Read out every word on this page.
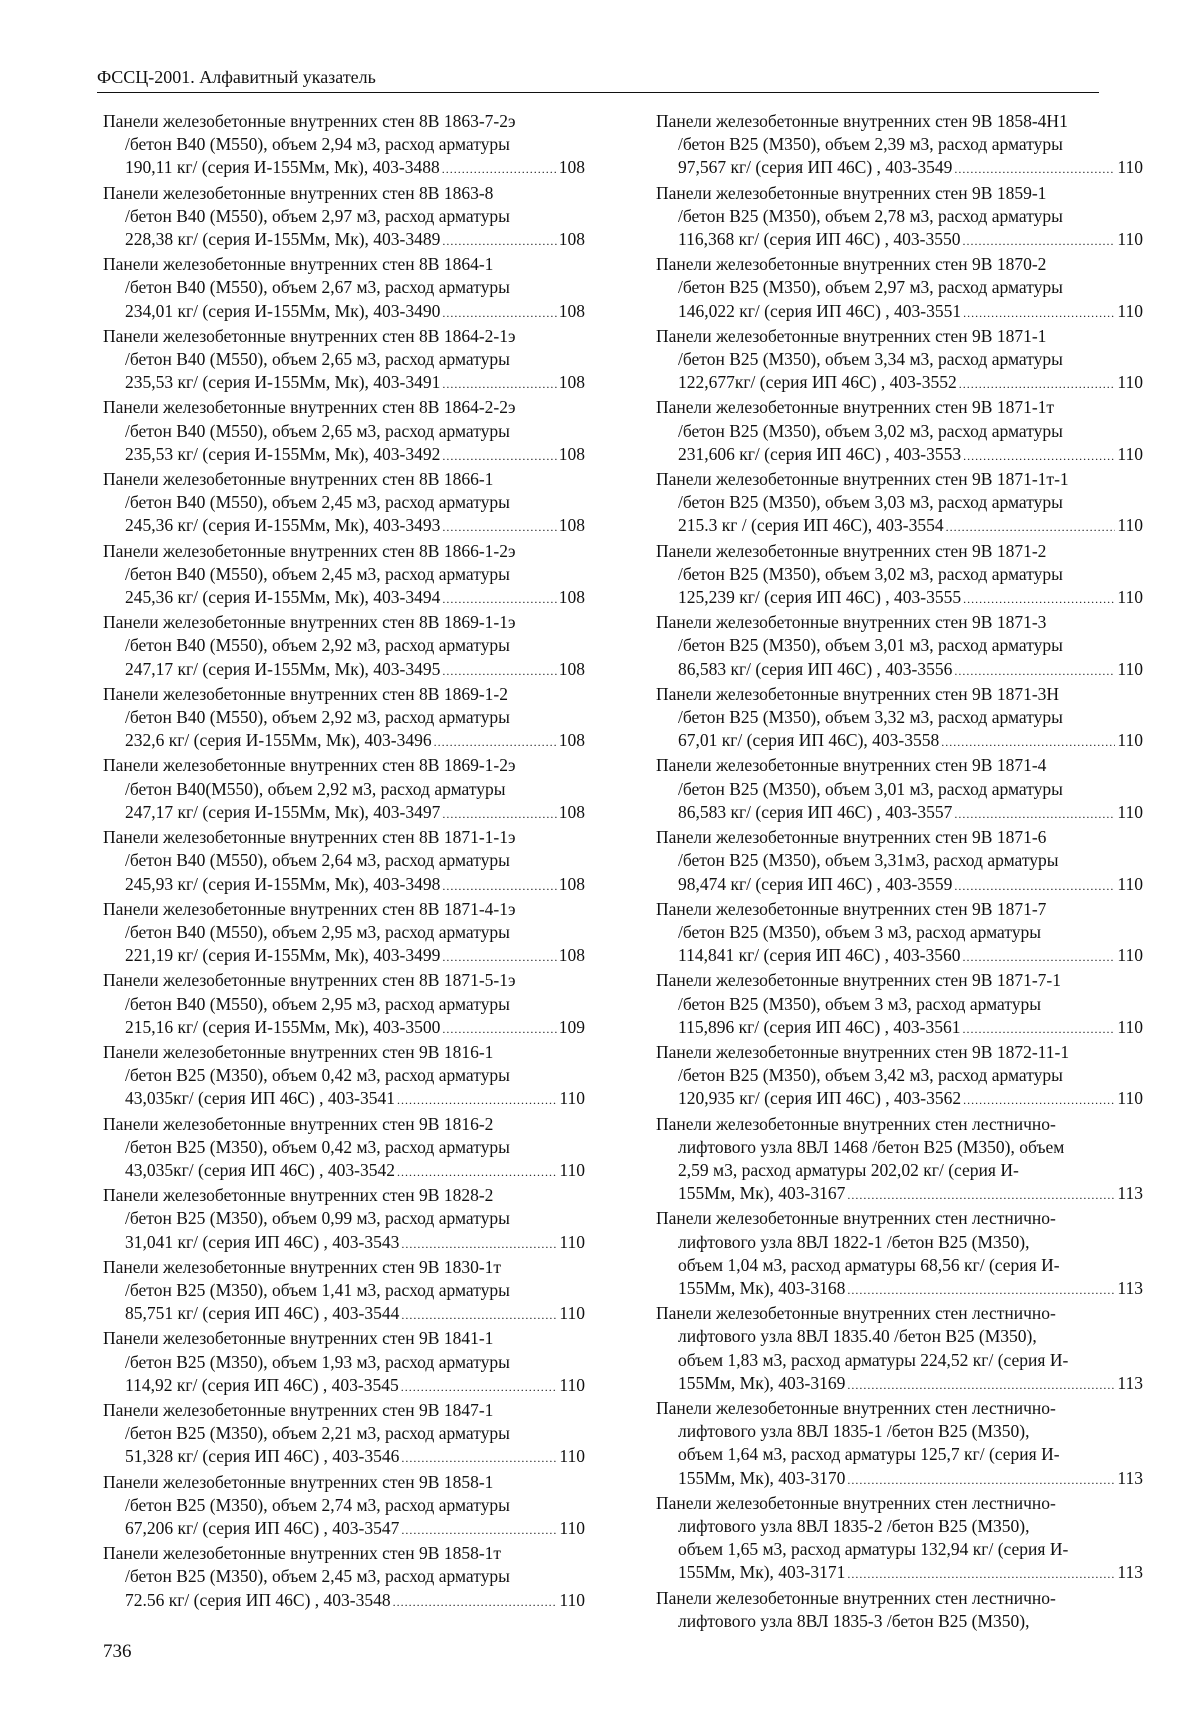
ФССЦ-2001. Алфавитный указатель
Панели железобетонные внутренних стен 8В 1863-7-2э
/бетон В40 (М550), объем 2,94 м3, расход арматуры
190,11 кг/ (серия И-155Мм, Мк), 403-3488 .....	108
Панели железобетонные внутренних стен 8В 1863-8
/бетон В40 (М550), объем 2,97 м3, расход арматуры
228,38 кг/ (серия И-155Мм, Мк), 403-3489 .....	108
Панели железобетонные внутренних стен 8В 1864-1
/бетон В40 (М550), объем 2,67 м3, расход арматуры
234,01 кг/ (серия И-155Мм, Мк), 403-3490 .....	108
Панели железобетонные внутренних стен 8В 1864-2-1э
/бетон В40 (М550), объем 2,65 м3, расход арматуры
235,53 кг/ (серия И-155Мм, Мк), 403-3491 .....	108
Панели железобетонные внутренних стен 8В 1864-2-2э
/бетон В40 (М550), объем 2,65 м3, расход арматуры
235,53 кг/ (серия И-155Мм, Мк), 403-3492 .....	108
Панели железобетонные внутренних стен 8В 1866-1
/бетон В40 (М550), объем 2,45 м3, расход арматуры
245,36 кг/ (серия И-155Мм, Мк), 403-3493 .....	108
Панели железобетонные внутренних стен 8В 1866-1-2э
/бетон В40 (М550), объем 2,45 м3, расход арматуры
245,36 кг/ (серия И-155Мм, Мк), 403-3494 .....	108
Панели железобетонные внутренних стен 8В 1869-1-1э
/бетон В40 (М550), объем 2,92 м3, расход арматуры
247,17 кг/ (серия И-155Мм, Мк), 403-3495 .....	108
Панели железобетонные внутренних стен 8В 1869-1-2
/бетон В40 (М550), объем 2,92 м3, расход арматуры
232,6 кг/ (серия И-155Мм, Мк), 403-3496 .....	108
Панели железобетонные внутренних стен 8В 1869-1-2э
/бетон В40(М550), объем 2,92 м3, расход арматуры
247,17 кг/ (серия И-155Мм, Мк), 403-3497 .....	108
Панели железобетонные внутренних стен 8В 1871-1-1э
/бетон В40 (М550), объем 2,64 м3, расход арматуры
245,93 кг/ (серия И-155Мм, Мк), 403-3498 .....	108
Панели железобетонные внутренних стен 8В 1871-4-1э
/бетон В40 (М550), объем 2,95 м3, расход арматуры
221,19 кг/ (серия И-155Мм, Мк), 403-3499 .....	108
Панели железобетонные внутренних стен 8В 1871-5-1э
/бетон В40 (М550), объем 2,95 м3, расход арматуры
215,16 кг/ (серия И-155Мм, Мк), 403-3500 .....	109
Панели железобетонные внутренних стен 9В 1816-1
/бетон В25 (М350), объем 0,42 м3, расход арматуры
43,035кг/ (серия ИП 46С) , 403-3541 .....	110
Панели железобетонные внутренних стен 9В 1816-2
/бетон В25 (М350), объем 0,42 м3, расход арматуры
43,035кг/ (серия ИП 46С) , 403-3542 .....	110
Панели железобетонные внутренних стен 9В 1828-2
/бетон В25 (М350), объем 0,99 м3, расход арматуры
31,041 кг/ (серия ИП 46С) , 403-3543 .....	110
Панели железобетонные внутренних стен 9В 1830-1т
/бетон В25 (М350), объем 1,41 м3, расход арматуры
85,751 кг/ (серия ИП 46С) , 403-3544 .....	110
Панели железобетонные внутренних стен 9В 1841-1
/бетон В25 (М350), объем 1,93 м3, расход арматуры
114,92 кг/ (серия ИП 46С) , 403-3545 .....	110
Панели железобетонные внутренних стен 9В 1847-1
/бетон В25 (М350), объем 2,21 м3, расход арматуры
51,328 кг/ (серия ИП 46С) , 403-3546 .....	110
Панели железобетонные внутренних стен 9В 1858-1
/бетон В25 (М350), объем 2,74 м3, расход арматуры
67,206 кг/ (серия ИП 46С) , 403-3547 .....	110
Панели железобетонные внутренних стен 9В 1858-1т
/бетон В25 (М350), объем 2,45 м3, расход арматуры
72.56 кг/ (серия ИП 46С) , 403-3548 .....	110
Панели железобетонные внутренних стен 9В 1858-4Н1
/бетон В25 (М350), объем 2,39 м3, расход арматуры
97,567 кг/ (серия ИП 46С) , 403-3549 .....	110
Панели железобетонные внутренних стен 9В 1859-1
/бетон В25 (М350), объем 2,78 м3, расход арматуры
116,368 кг/ (серия ИП 46С) , 403-3550 .....	110
Панели железобетонные внутренних стен 9В 1870-2
/бетон В25 (М350), объем 2,97 м3, расход арматуры
146,022 кг/ (серия ИП 46С) , 403-3551 .....	110
Панели железобетонные внутренних стен 9В 1871-1
/бетон В25 (М350), объем 3,34 м3, расход арматуры
122,677кг/ (серия ИП 46С) , 403-3552 .....	110
Панели железобетонные внутренних стен 9В 1871-1т
/бетон В25 (М350), объем 3,02 м3, расход арматуры
231,606 кг/ (серия ИП 46С) , 403-3553 .....	110
Панели железобетонные внутренних стен 9В 1871-1т-1
/бетон В25 (М350), объем 3,03 м3, расход арматуры
215.3 кг / (серия ИП 46С), 403-3554 .....	110
Панели железобетонные внутренних стен 9В 1871-2
/бетон В25 (М350), объем 3,02 м3, расход арматуры
125,239 кг/ (серия ИП 46С) , 403-3555 .....	110
Панели железобетонные внутренних стен 9В 1871-3
/бетон В25 (М350), объем 3,01 м3, расход арматуры
86,583 кг/ (серия ИП 46С) , 403-3556 .....	110
Панели железобетонные внутренних стен 9В 1871-3Н
/бетон В25 (М350), объем 3,32 м3, расход арматуры
67,01 кг/ (серия ИП 46С), 403-3558 .....	110
Панели железобетонные внутренних стен 9В 1871-4
/бетон В25 (М350), объем 3,01 м3, расход арматуры
86,583 кг/ (серия ИП 46С) , 403-3557 .....	110
Панели железобетонные внутренних стен 9В 1871-6
/бетон В25 (М350), объем 3,31м3, расход арматуры
98,474 кг/ (серия ИП 46С) , 403-3559 .....	110
Панели железобетонные внутренних стен 9В 1871-7
/бетон В25 (М350), объем 3 м3, расход арматуры
114,841 кг/ (серия ИП 46С) , 403-3560 .....	110
Панели железобетонные внутренних стен 9В 1871-7-1
/бетон В25 (М350), объем 3 м3, расход арматуры
115,896 кг/ (серия ИП 46С) , 403-3561 .....	110
Панели железобетонные внутренних стен 9В 1872-11-1
/бетон В25 (М350), объем 3,42 м3, расход арматуры
120,935 кг/ (серия ИП 46С) , 403-3562 .....	110
Панели железобетонные внутренних стен лестнично-
лифтового узла 8ВЛ 1468 /бетон В25 (М350), объем
2,59 м3, расход арматуры 202,02 кг/ (серия И-
155Мм, Мк), 403-3167 .....	113
Панели железобетонные внутренних стен лестнично-
лифтового узла 8ВЛ 1822-1 /бетон В25 (М350),
объем 1,04 м3, расход арматуры 68,56 кг/ (серия И-
155Мм, Мк), 403-3168 .....	113
Панели железобетонные внутренних стен лестнично-
лифтового узла 8ВЛ 1835.40 /бетон В25 (М350),
объем 1,83 м3, расход арматуры 224,52 кг/ (серия И-
155Мм, Мк), 403-3169 .....	113
Панели железобетонные внутренних стен лестнично-
лифтового узла 8ВЛ 1835-1 /бетон В25 (М350),
объем 1,64 м3, расход арматуры 125,7 кг/ (серия И-
155Мм, Мк), 403-3170 .....	113
Панели железобетонные внутренних стен лестнично-
лифтового узла 8ВЛ 1835-2 /бетон В25 (М350),
объем 1,65 м3, расход арматуры 132,94 кг/ (серия И-
155Мм, Мк), 403-3171 .....	113
Панели железобетонные внутренних стен лестнично-
лифтового узла 8ВЛ 1835-3 /бетон В25 (М350),
736
